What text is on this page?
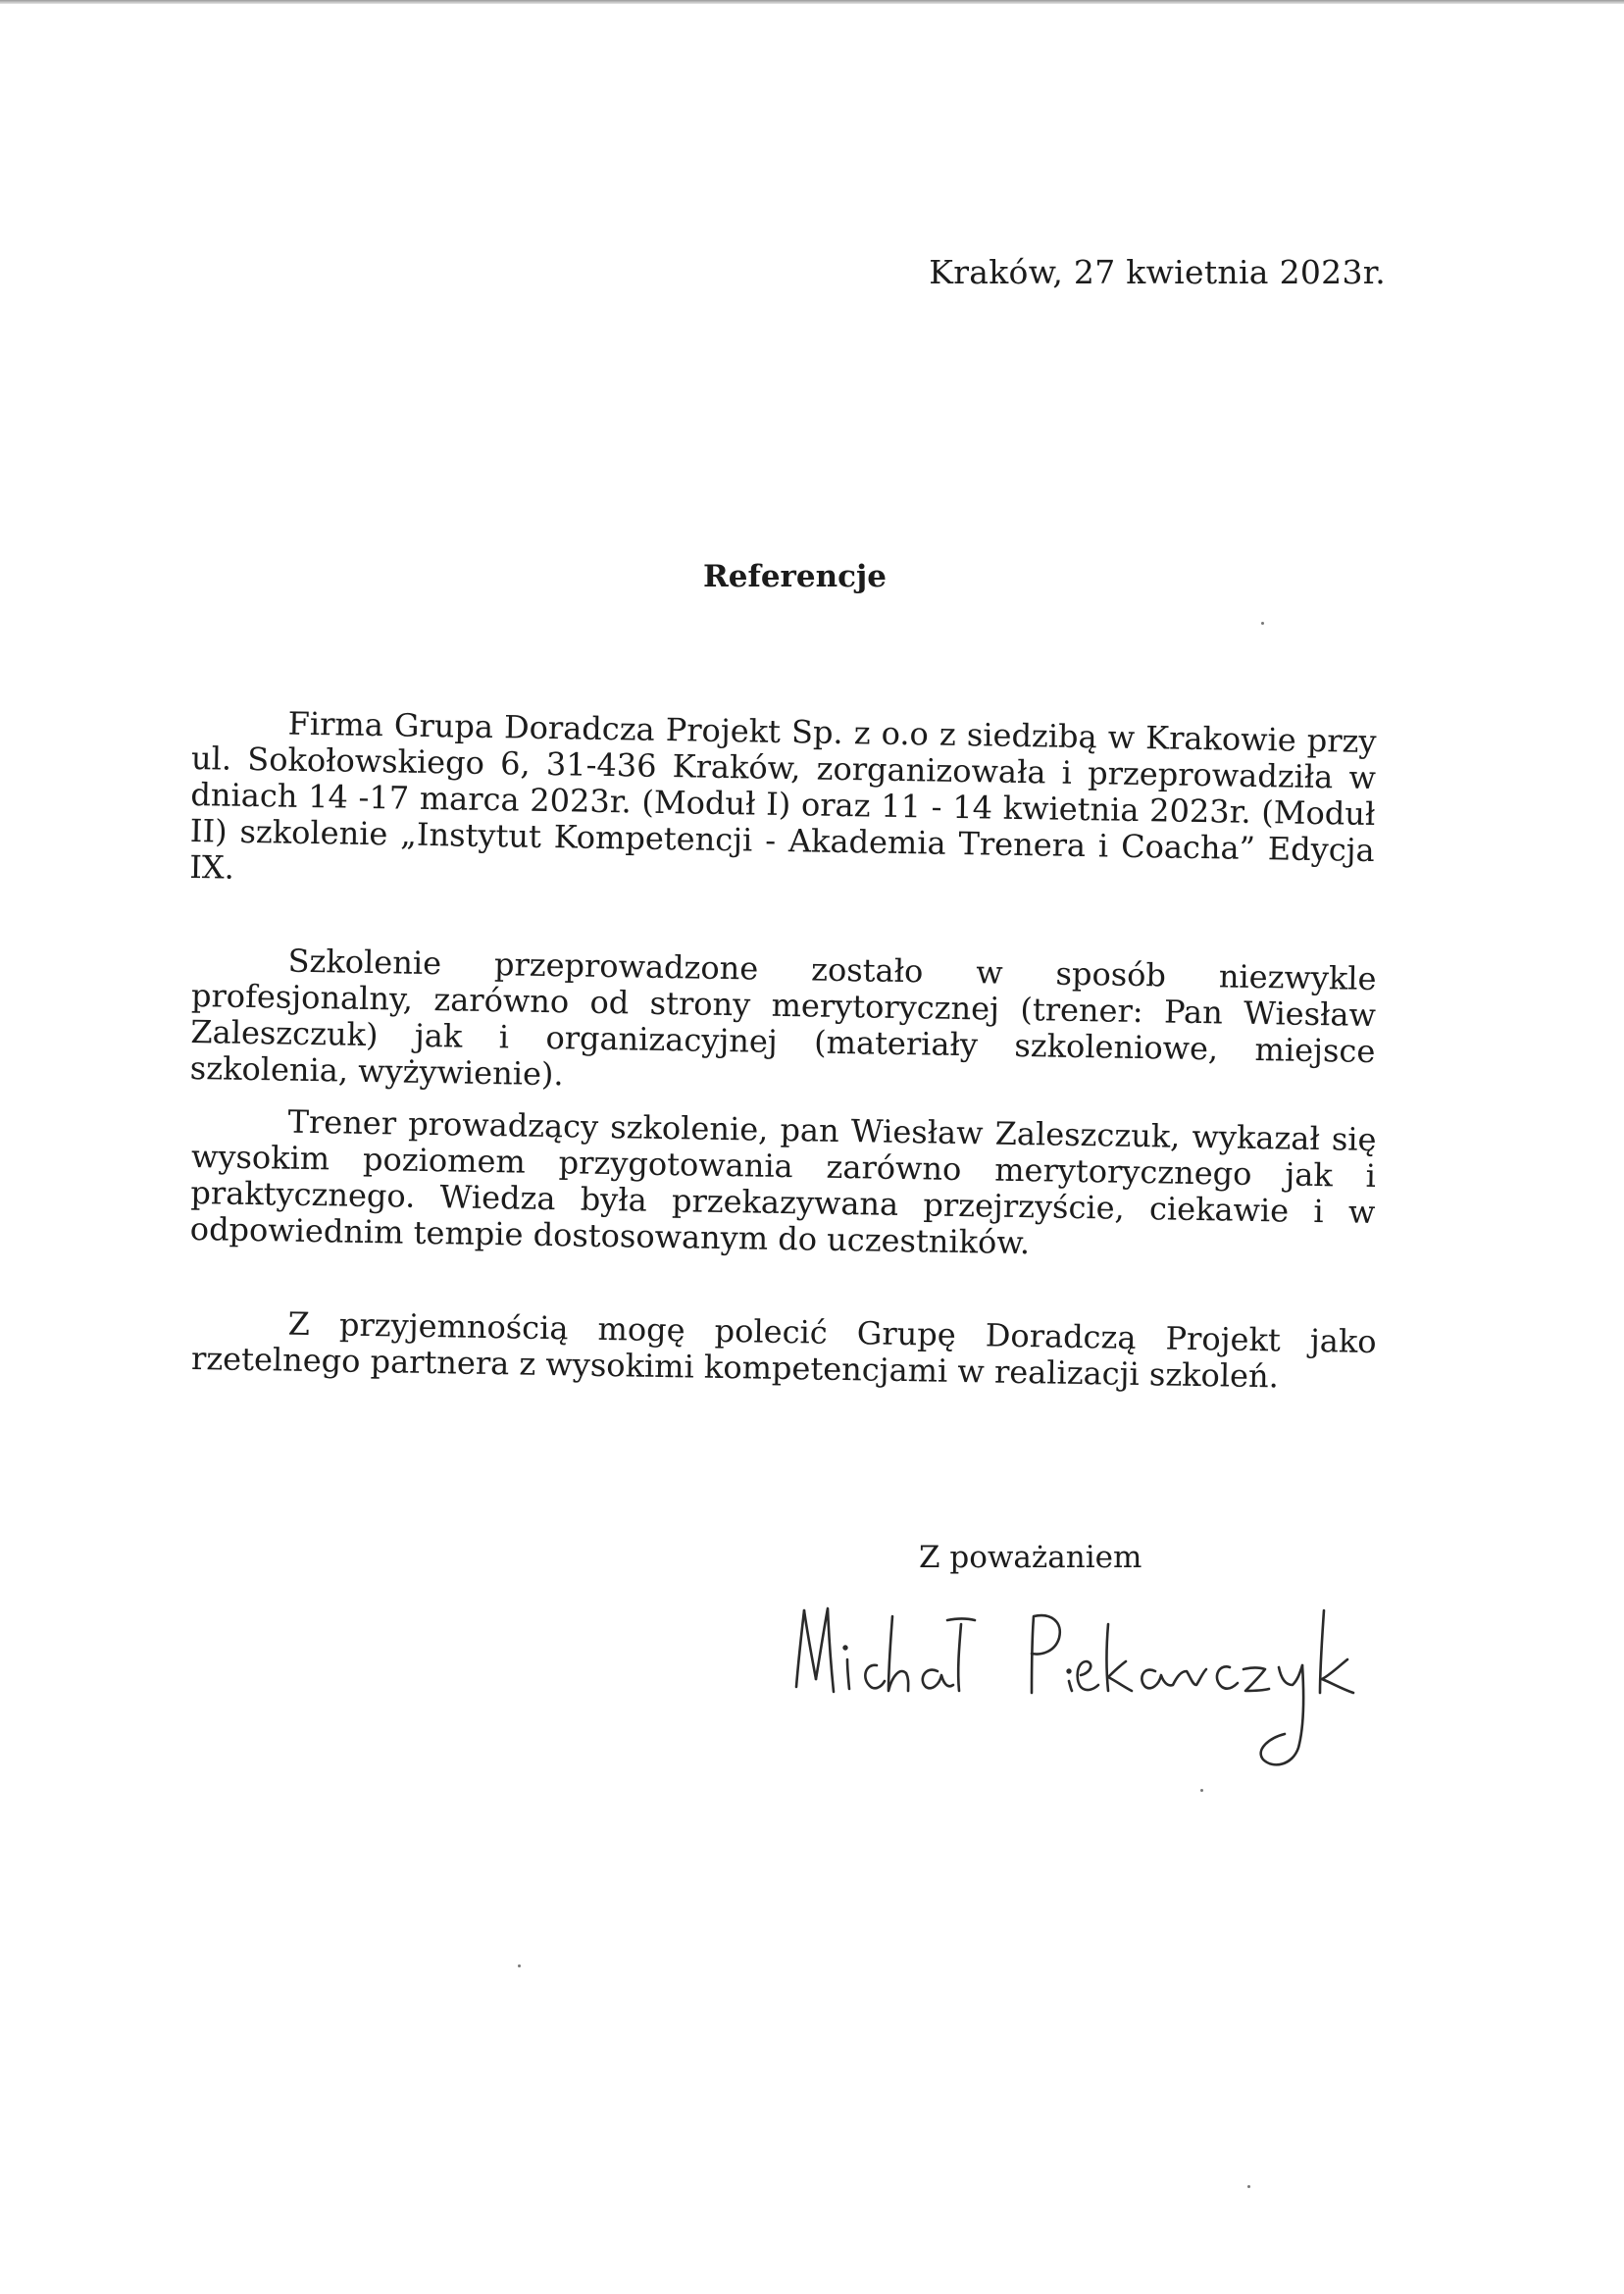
Kraków, 27 kwietnia 2023r.
Referencje

Firma Grupa Doradcza Projekt Sp. z o.o z siedzibą w Krakowie przy ul. Sokołowskiego 6, 31-436 Kraków, zorganizowała i przeprowadziła w dniach 14 -17 marca 2023r. (Moduł I) oraz 11 - 14 kwietnia 2023r. (Moduł II) szkolenie „Instytut Kompetencji - Akademia Trenera i Coacha” Edycja IX.

Szkolenie przeprowadzone zostało w sposób niezwykle profesjonalny, zarówno od strony merytorycznej (trener: Pan Wiesław Zaleszczuk) jak i organizacyjnej (materiały szkoleniowe, miejsce szkolenia, wyżywienie).

Trener prowadzący szkolenie, pan Wiesław Zaleszczuk, wykazał się wysokim poziomem przygotowania zarówno merytorycznego jak i praktycznego. Wiedza była przekazywana przejrzyście, ciekawie i w odpowiednim tempie dostosowanym do uczestników.

Z przyjemnością mogę polecić Grupę Doradczą Projekt jako rzetelnego partnera z wysokimi kompetencjami w realizacji szkoleń.

Z poważaniem
